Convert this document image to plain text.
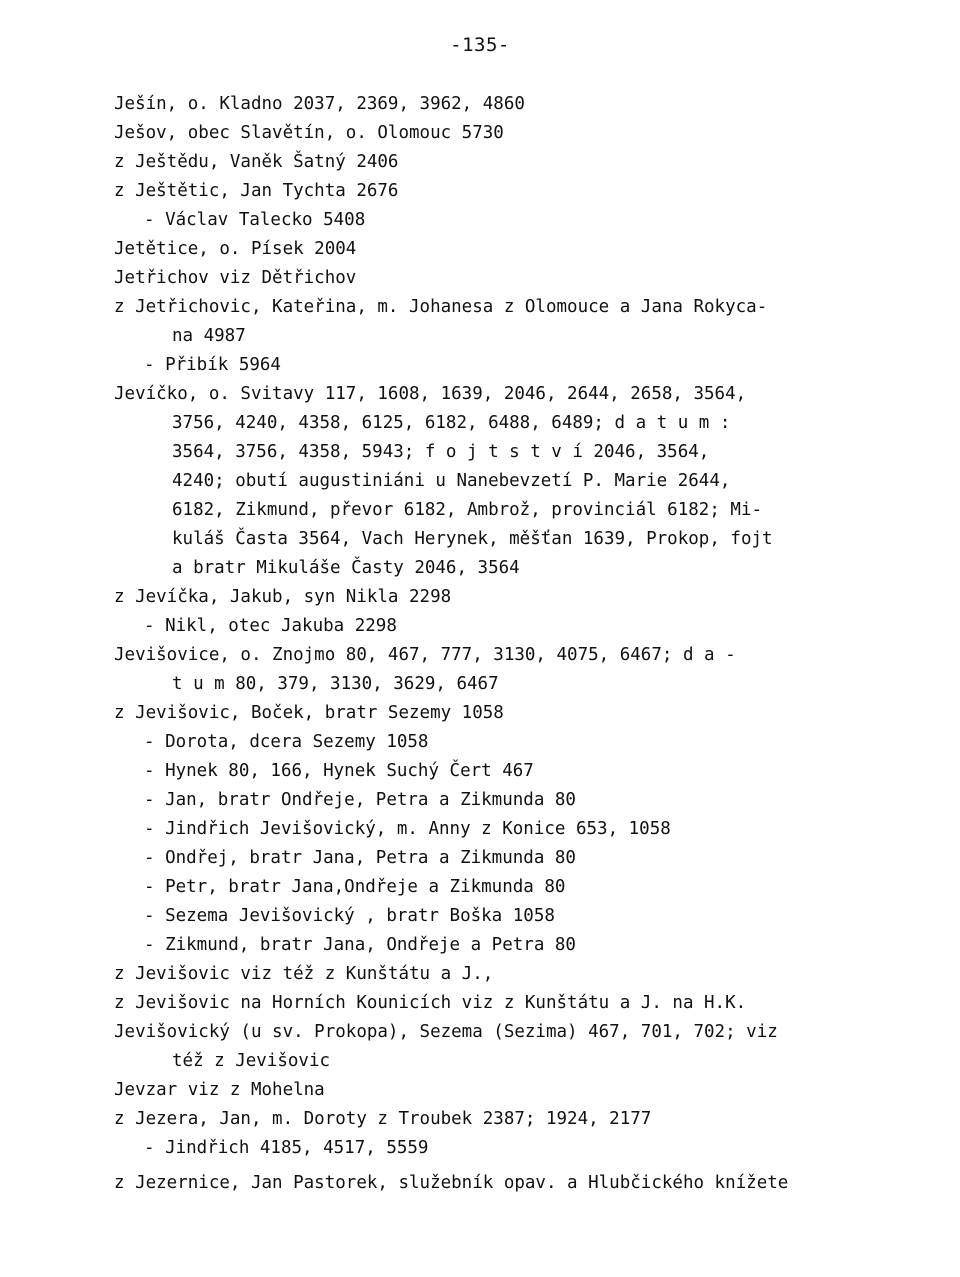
-135-
Ješín, o. Kladno 2037, 2369, 3962, 4860
Ješov, obec Slavětín, o. Olomouc 5730
z Ještědu, Vaněk Šatný 2406
z Ještětic, Jan Tychta 2676
- Václav Talecko 5408
Jetětice, o. Písek 2004
Jetřichov viz Dětřichov
z Jetřichovic, Kateřina, m. Johanesa z Olomouce a Jana Rokyca-
na 4987
- Přibík 5964
Jevíčko, o. Svitavy 117, 1608, 1639, 2046, 2644, 2658, 3564,
3756, 4240, 4358, 6125, 6182, 6488, 6489; d a t u m :
3564, 3756, 4358, 5943; f o j t s t v í 2046, 3564,
4240; obutí augustiniáni u Nanebevzetí P. Marie 2644,
6182, Zikmund, převor 6182, Ambrož, provinciál 6182; Mi-
kuláš Časta 3564, Vach Herynek, měšťan 1639, Prokop, fojt
a bratr Mikuláše Časty 2046, 3564
z Jevíčka, Jakub, syn Nikla 2298
- Nikl, otec Jakuba 2298
Jevišovice, o. Znojmo 80, 467, 777, 3130, 4075, 6467; d a -
t u m 80, 379, 3130, 3629, 6467
z Jevišovic, Boček, bratr Sezemy 1058
- Dorota, dcera Sezemy 1058
- Hynek 80, 166, Hynek Suchý Čert 467
- Jan, bratr Ondřeje, Petra a Zikmunda 80
- Jindřich Jevišovický, m. Anny z Konice 653, 1058
- Ondřej, bratr Jana, Petra a Zikmunda 80
- Petr, bratr Jana,Ondřeje a Zikmunda 80
- Sezema Jevišovický , bratr Boška 1058
- Zikmund, bratr Jana, Ondřeje a Petra 80
z Jevišovic viz též z Kunštátu a J.,
z Jevišovic na Horních Kounicích viz z Kunštátu a J. na H.K.
Jevišovický (u sv. Prokopa), Sezema (Sezima) 467, 701, 702; viz
též z Jevišovic
Jevzar viz z Mohelna
z Jezera, Jan, m. Doroty z Troubek 2387; 1924, 2177
- Jindřich 4185, 4517, 5559
z Jezernice, Jan Pastorek, služebník opav. a Hlubčického knížete
